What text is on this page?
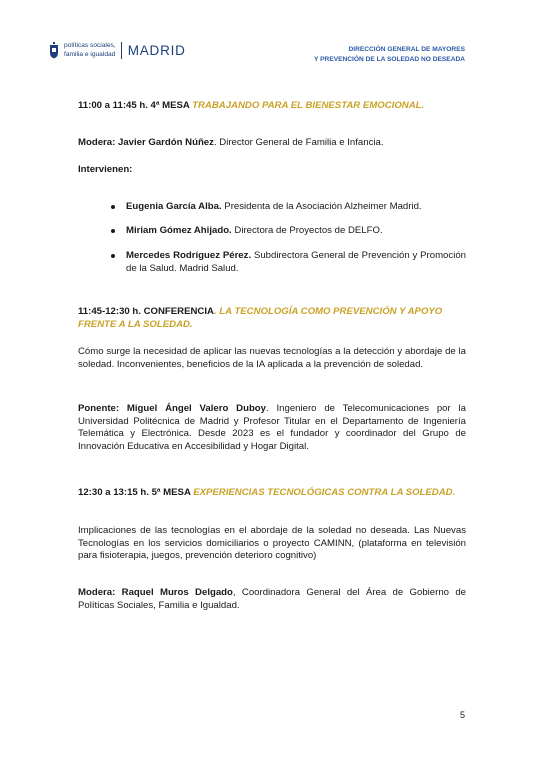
políticas sociales,
familia e igualdad MADRID	DIRECCIÓN GENERAL DE MAYORES
Y PREVENCIÓN DE LA SOLEDAD NO DESEADA

11:00 a 11:45 h. 4ª MESA TRABAJANDO PARA EL BIENESTAR EMOCIONAL.

Modera: Javier Gardón Núñez. Director General de Familia e Infancia.

Intervienen:

Eugenia García Alba. Presidenta de la Asociación Alzheimer Madrid.
Miriam Gómez Ahijado. Directora de Proyectos de DELFO.
Mercedes Rodríguez Pérez. Subdirectora General de Prevención y Promoción de la Salud. Madrid Salud.

11:45-12:30 h. CONFERENCIA. LA TECNOLOGÍA COMO PREVENCIÓN Y APOYO FRENTE A LA SOLEDAD.

Cómo surge la necesidad de aplicar las nuevas tecnologías a la detección y abordaje de la soledad. Inconvenientes, beneficios de la IA aplicada a la prevención de soledad.

Ponente: Miguel Ángel Valero Duboy. Ingeniero de Telecomunicaciones por la Universidad Politécnica de Madrid y Profesor Titular en el Departamento de Ingeniería Telemática y Electrónica. Desde 2023 es el fundador y coordinador del Grupo de Innovación Educativa en Accesibilidad y Hogar Digital.

12:30 a 13:15 h. 5ª MESA EXPERIENCIAS TECNOLÓGICAS CONTRA LA SOLEDAD.

Implicaciones de las tecnologías en el abordaje de la soledad no deseada. Las Nuevas Tecnologías en los servicios domiciliarios o proyecto CAMINN, (plataforma en televisión para fisioterapia, juegos, prevención deterioro cognitivo)

Modera: Raquel Muros Delgado, Coordinadora General del Área de Gobierno de Políticas Sociales, Familia e Igualdad.

5
